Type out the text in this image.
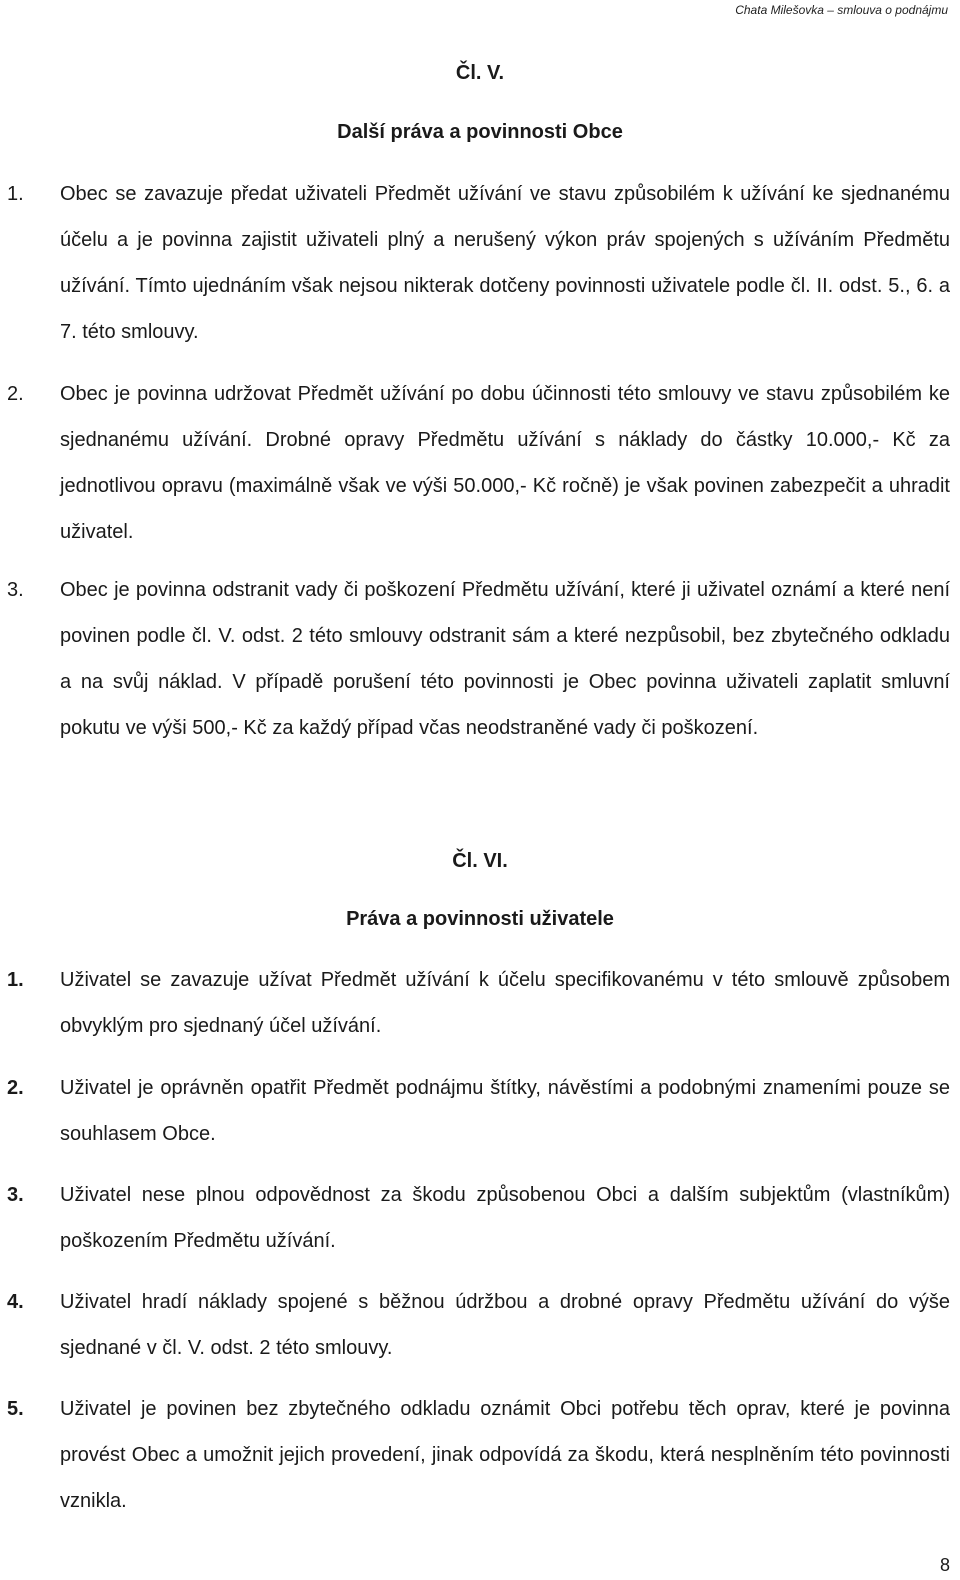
Chata Milešovka – smlouva o podnájmu
Čl. V.
Další práva a povinnosti Obce
1. Obec se zavazuje předat uživateli Předmět užívání ve stavu způsobilém k užívání ke sjednanému účelu a je povinna zajistit uživateli plný a nerušený výkon práv spojených s užíváním Předmětu užívání. Tímto ujednáním však nejsou nikterak dotčeny povinnosti uživatele podle čl. II. odst. 5., 6. a 7. této smlouvy.
2. Obec je povinna udržovat Předmět užívání po dobu účinnosti této smlouvy ve stavu způsobilém ke sjednanému užívání. Drobné opravy Předmětu užívání s náklady do částky 10.000,- Kč za jednotlivou opravu (maximálně však ve výši 50.000,- Kč ročně) je však povinen zabezpečit a uhradit uživatel.
3. Obec je povinna odstranit vady či poškození Předmětu užívání, které ji uživatel oznámí a které není povinen podle čl. V. odst. 2 této smlouvy odstranit sám a které nezpůsobil, bez zbytečného odkladu a na svůj náklad. V případě porušení této povinnosti je Obec povinna uživateli zaplatit smluvní pokutu ve výši 500,- Kč za každý případ včas neodstraněné vady či poškození.
Čl. VI.
Práva a povinnosti uživatele
1. Uživatel se zavazuje užívat Předmět užívání k účelu specifikovanému v této smlouvě způsobem obvyklým pro sjednaný účel užívání.
2. Uživatel je oprávněn opatřit Předmět podnájmu štítky, návěstími a podobnými znameními pouze se souhlasem Obce.
3. Uživatel nese plnou odpovědnost za škodu způsobenou Obci a dalším subjektům (vlastníkům) poškozením Předmětu užívání.
4. Uživatel hradí náklady spojené s běžnou údržbou a drobné opravy Předmětu užívání do výše sjednané v čl. V. odst. 2 této smlouvy.
5. Uživatel je povinen bez zbytečného odkladu oznámit Obci potřebu těch oprav, které je povinna provést Obec a umožnit jejich provedení, jinak odpovídá za škodu, která nesplněním této povinnosti vznikla.
8
